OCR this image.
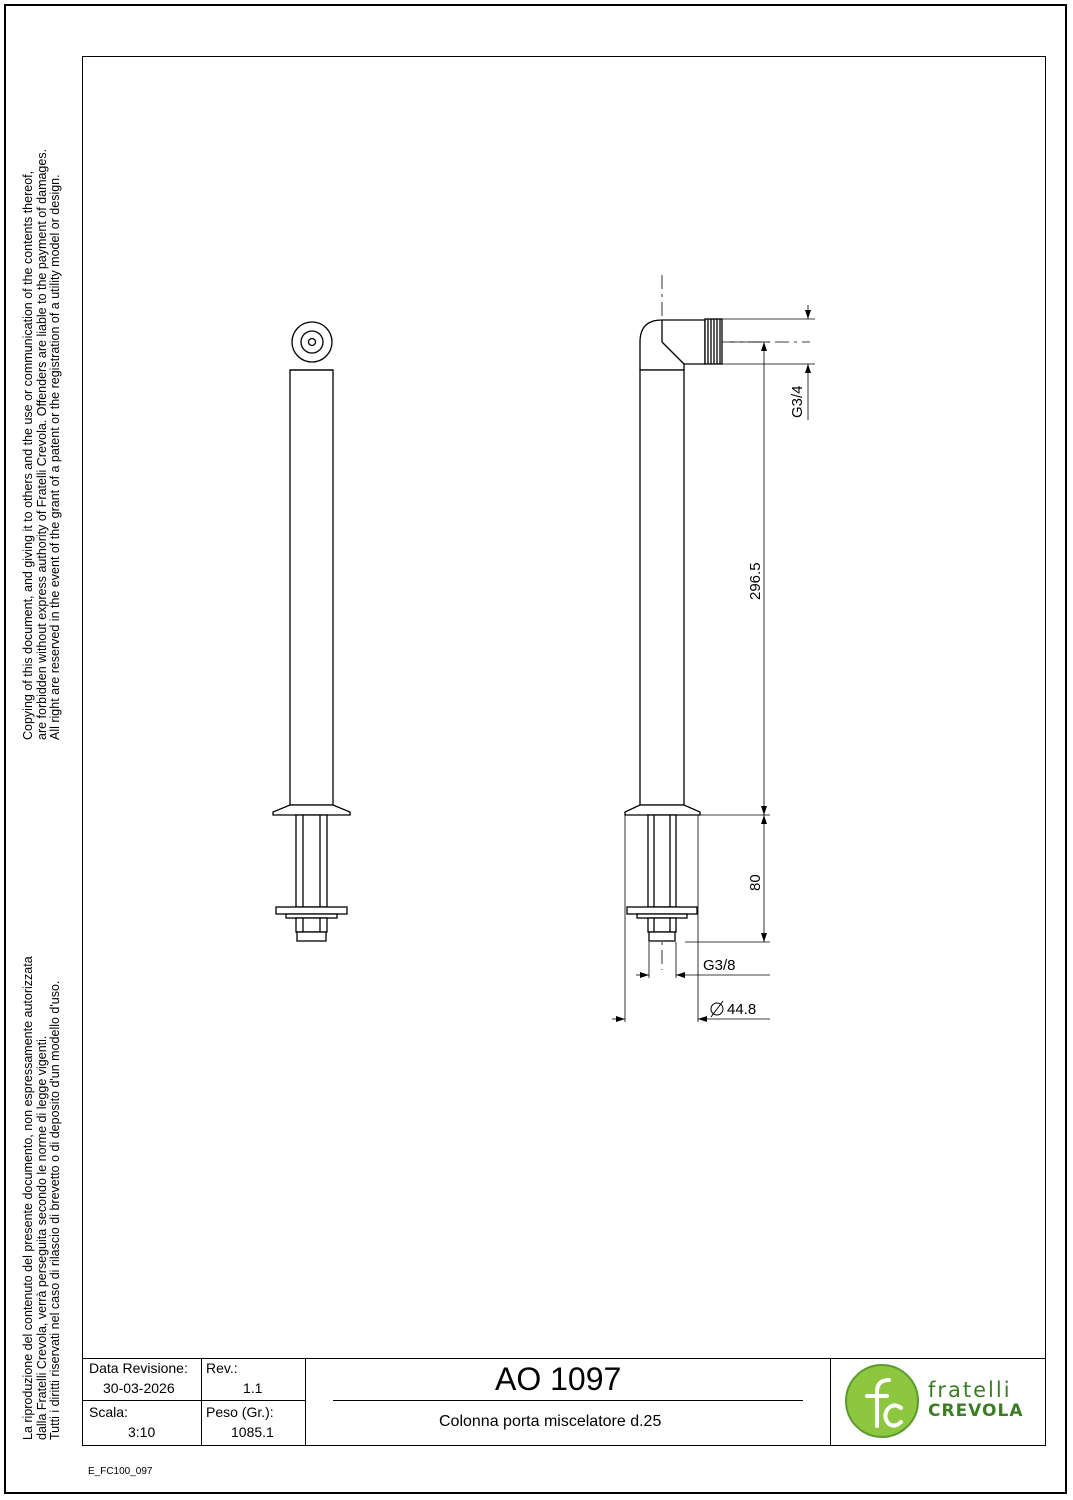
Copying of this document, and giving it to others and the use or communication of the contents thereof, are forbidden without express authority of Fratelli Crevola. Offenders are liable to the payment of damages. All right are reserved in the event of the grant of a patent or the registration of a utility model or design.
La riproduzione del contenuto del presente documento, non espressamente autorizzata dalla Fratelli Crevola, verrà perseguita secondo le norme di legge vigenti. Tutti i diritti riservati nel caso di rilascio di brevetto o di deposito d'un modello d'uso.
G3/4
296.5
80
G3/8
44.8
Data Revisione:
30-03-2026
Rev.:
1.1
Scala:
3:10
Peso (Gr.):
1085.1
AO 1097
Colonna porta miscelatore d.25
fratelli
CREVOLA
E_FC100_097
